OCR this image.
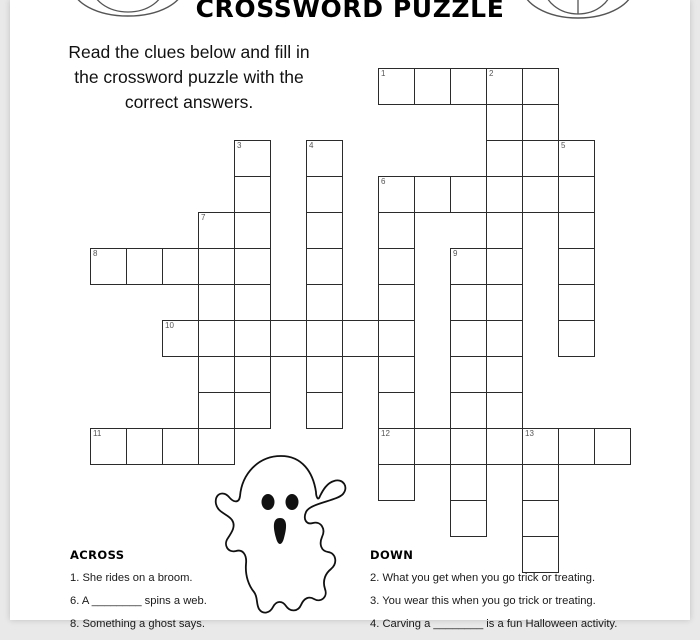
CROSSWORD PUZZLE
Read the clues below and fill in
the crossword puzzle with the
correct answers.
1	2
3	4	5
6
7
8	9
10
11	12	13
ACROSS
1. She rides on a broom.
6. A ________ spins a web.
8. Something a ghost says.
DOWN
2. What you get when you go trick or treating.
3. You wear this when you go trick or treating.
4. Carving a ________ is a fun Halloween activity.
